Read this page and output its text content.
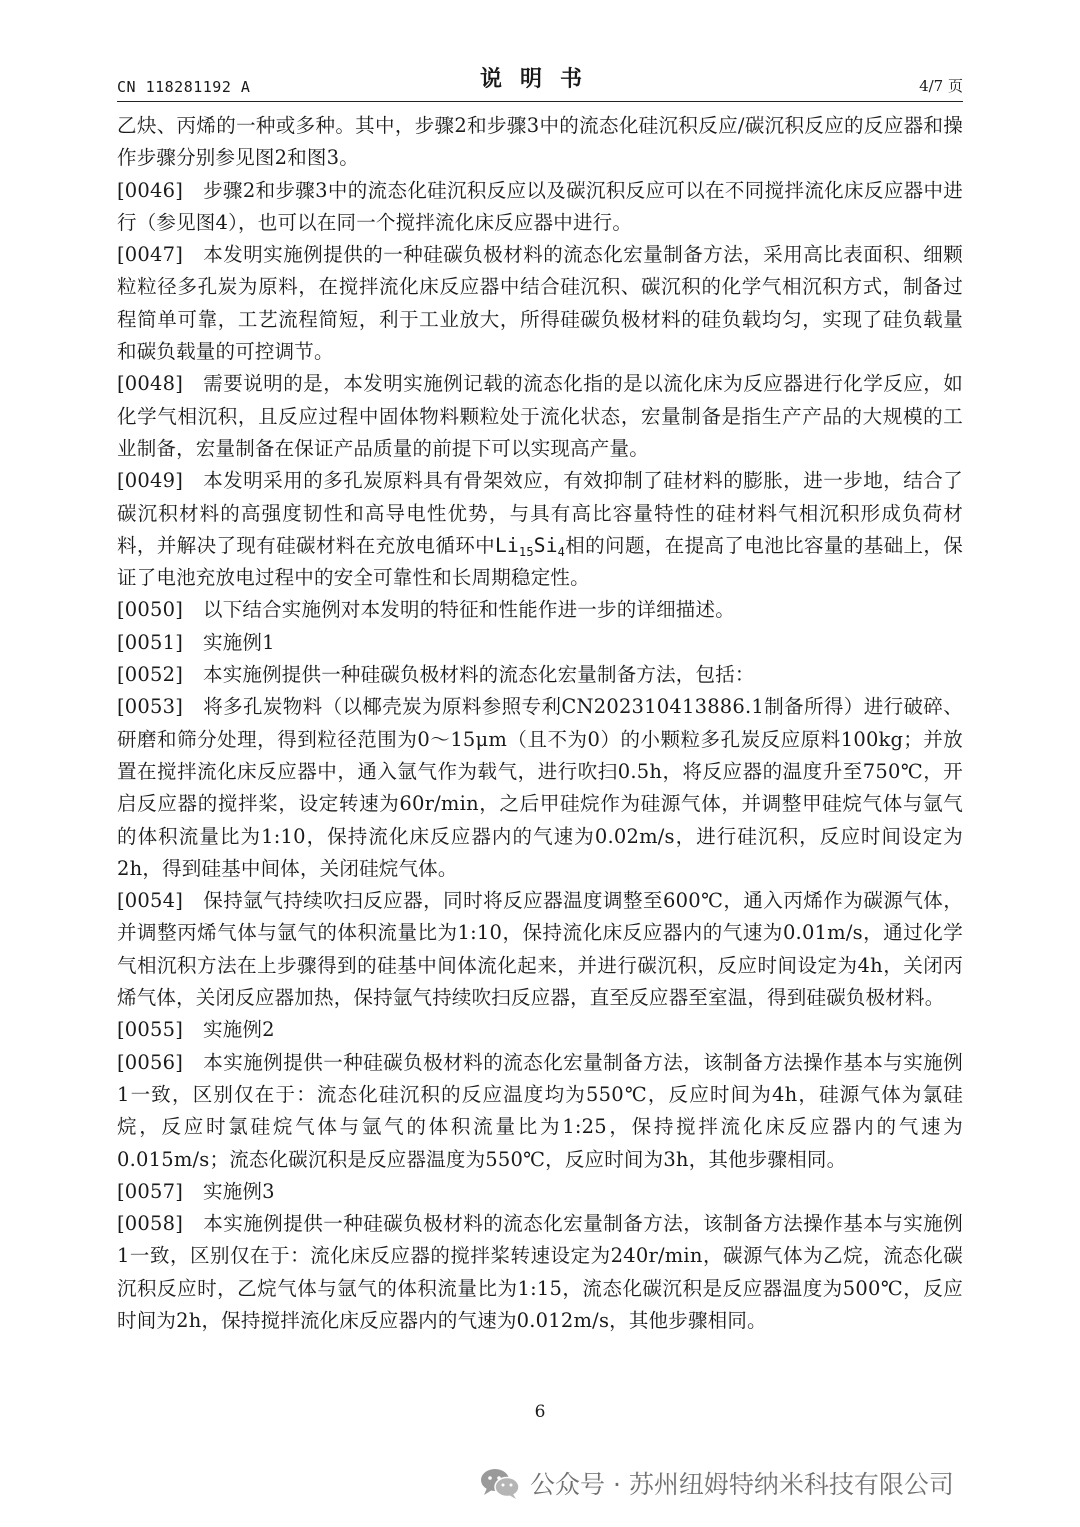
CN 118281192 A	说明书	4/7 页

乙炔、丙烯的一种或多种。其中，步骤2和步骤3中的流态化硅沉积反应/碳沉积反应的反应器和操作步骤分别参见图2和图3。

[0046] 步骤2和步骤3中的流态化硅沉积反应以及碳沉积反应可以在不同搅拌流化床反应器中进行（参见图4），也可以在同一个搅拌流化床反应器中进行。

[0047] 本发明实施例提供的一种硅碳负极材料的流态化宏量制备方法，采用高比表面积、细颗粒粒径多孔炭为原料，在搅拌流化床反应器中结合硅沉积、碳沉积的化学气相沉积方式，制备过程简单可靠，工艺流程简短，利于工业放大，所得硅碳负极材料的硅负载均匀，实现了硅负载量和碳负载量的可控调节。

[0048] 需要说明的是，本发明实施例记载的流态化指的是以流化床为反应器进行化学反应，如化学气相沉积，且反应过程中固体物料颗粒处于流化状态，宏量制备是指生产产品的大规模的工业制备，宏量制备在保证产品质量的前提下可以实现高产量。

[0049] 本发明采用的多孔炭原料具有骨架效应，有效抑制了硅材料的膨胀，进一步地，结合了碳沉积材料的高强度韧性和高导电性优势，与具有高比容量特性的硅材料气相沉积形成负荷材料，并解决了现有硅碳材料在充放电循环中$Li_{15}Si_4$相的问题，在提高了电池比容量的基础上，保证了电池充放电过程中的安全可靠性和长周期稳定性。

[0050] 以下结合实施例对本发明的特征和性能作进一步的详细描述。

[0051] 实施例1

[0052] 本实施例提供一种硅碳负极材料的流态化宏量制备方法，包括：

[0053] 将多孔炭物料（以椰壳炭为原料参照专利CN202310413886.1制备所得）进行破碎、研磨和筛分处理，得到粒径范围为0～15μm（且不为0）的小颗粒多孔炭反应原料100kg；并放置在搅拌流化床反应器中，通入氩气作为载气，进行吹扫0.5h，将反应器的温度升至750℃，开启反应器的搅拌桨，设定转速为60r/min，之后甲硅烷作为硅源气体，并调整甲硅烷气体与氩气的体积流量比为1:10，保持流化床反应器内的气速为0.02m/s，进行硅沉积，反应时间设定为2h，得到硅基中间体，关闭硅烷气体。

[0054] 保持氩气持续吹扫反应器，同时将反应器温度调整至600℃，通入丙烯作为碳源气体，并调整丙烯气体与氩气的体积流量比为1:10，保持流化床反应器内的气速为0.01m/s，通过化学气相沉积方法在上步骤得到的硅基中间体流化起来，并进行碳沉积，反应时间设定为4h，关闭丙烯气体，关闭反应器加热，保持氩气持续吹扫反应器，直至反应器至室温，得到硅碳负极材料。

[0055] 实施例2

[0056] 本实施例提供一种硅碳负极材料的流态化宏量制备方法，该制备方法操作基本与实施例1一致，区别仅在于：流态化硅沉积的反应温度均为550℃，反应时间为4h，硅源气体为氯硅烷，反应时氯硅烷气体与氩气的体积流量比为1:25，保持搅拌流化床反应器内的气速为0.015m/s；流态化碳沉积是反应器温度为550℃，反应时间为3h，其他步骤相同。

[0057] 实施例3

[0058] 本实施例提供一种硅碳负极材料的流态化宏量制备方法，该制备方法操作基本与实施例1一致，区别仅在于：流化床反应器的搅拌桨转速设定为240r/min，碳源气体为乙烷，流态化碳沉积反应时，乙烷气体与氩气的体积流量比为1:15，流态化碳沉积是反应器温度为500℃，反应时间为2h，保持搅拌流化床反应器内的气速为0.012m/s，其他步骤相同。

6
公众号 · 苏州纽姆特纳米科技有限公司
